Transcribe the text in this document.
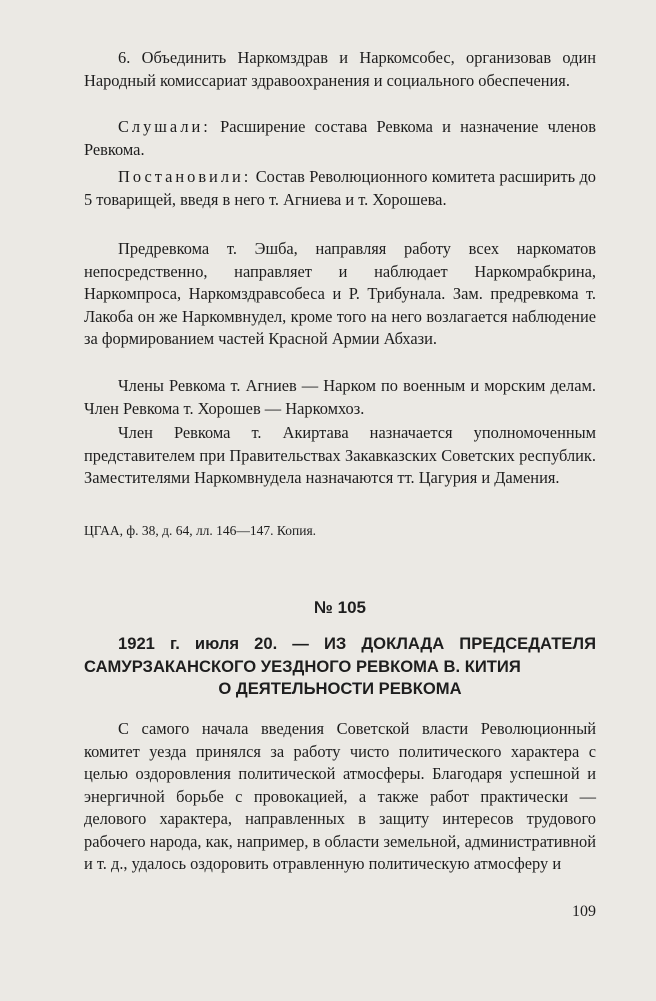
6. Объединить Наркомздрав и Наркомсобес, организовав один Народный комиссариат здравоохранения и социального обеспечения.

Слушали: Расширение состава Ревкома и назначение членов Ревкома.

Постановили: Состав Революционного комитета расширить до 5 товарищей, введя в него т. Агниева и т. Хорошева.

Предревкома т. Эшба, направляя работу всех наркоматов непосредственно, направляет и наблюдает Наркомрабкрина, Наркомпроса, Наркомздравсобеса и Р. Трибунала. Зам. предревкома т. Лакоба он же Наркомвнудел, кроме того на него возлагается наблюдение за формированием частей Красной Армии Абхази.

Члены Ревкома т. Агниев — Нарком по военным и морским делам. Член Ревкома т. Хорошев — Наркомхоз.

Член Ревкома т. Акиртава назначается уполномоченным представителем при Правительствах Закавказских Советских республик. Заместителями Наркомвнудела назначаются тт. Цагурия и Дамения.

ЦГАА, ф. 38, д. 64, лл. 146—147. Копия.

№ 105

1921 г. июля 20. — ИЗ ДОКЛАДА ПРЕДСЕДАТЕЛЯ САМУРЗАКАНСКОГО УЕЗДНОГО РЕВКОМА В. КИТИЯ

О ДЕЯТЕЛЬНОСТИ РЕВКОМА

С самого начала введения Советской власти Революционный комитет уезда принялся за работу чисто политического характера с целью оздоровления политической атмосферы. Благодаря успешной и энергичной борьбе с провокацией, а также работ практически — делового характера, направленных в защиту интересов трудового рабочего народа, как, например, в области земельной, административной и т. д., удалось оздоровить отравленную политическую атмосферу и

109
